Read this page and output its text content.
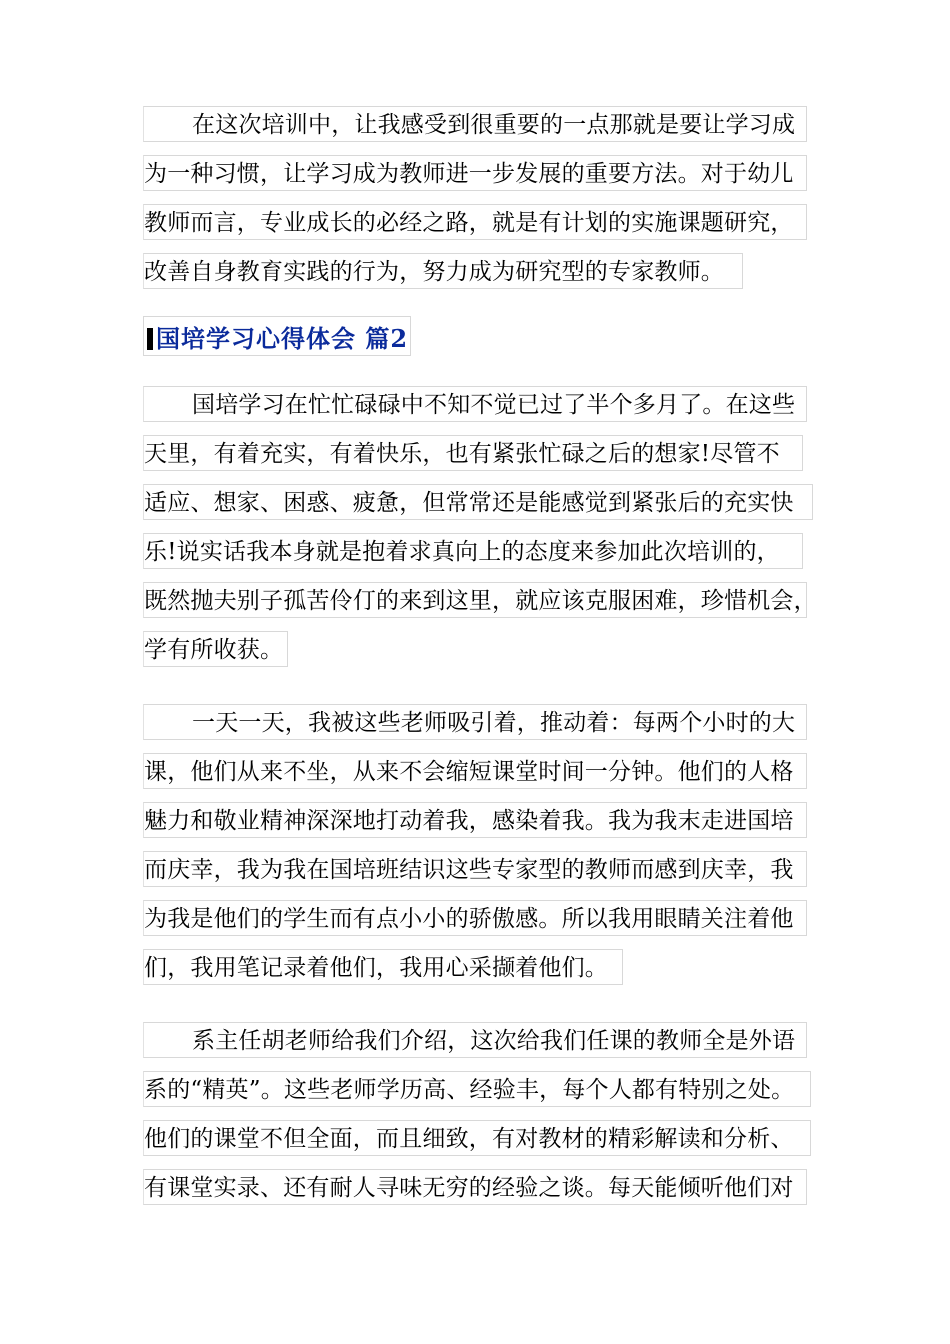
在这次培训中，让我感受到很重要的一点那就是要让学习成
为一种习惯，让学习成为教师进一步发展的重要方法。对于幼儿
教师而言，专业成长的必经之路，就是有计划的实施课题研究，
改善自身教育实践的行为，努力成为研究型的专家教师。
国培学习心得体会 篇2
国培学习在忙忙碌碌中不知不觉已过了半个多月了。在这些
天里，有着充实，有着快乐，也有紧张忙碌之后的想家!尽管不
适应、想家、困惑、疲惫，但常常还是能感觉到紧张后的充实快
乐!说实话我本身就是抱着求真向上的态度来参加此次培训的，
既然抛夫别子孤苦伶仃的来到这里，就应该克服困难，珍惜机会，
学有所收获。
一天一天，我被这些老师吸引着，推动着：每两个小时的大
课，他们从来不坐，从来不会缩短课堂时间一分钟。他们的人格
魅力和敬业精神深深地打动着我，感染着我。我为我末走进国培
而庆幸，我为我在国培班结识这些专家型的教师而感到庆幸，我
为我是他们的学生而有点小小的骄傲感。所以我用眼睛关注着他
们，我用笔记录着他们，我用心采撷着他们。
系主任胡老师给我们介绍，这次给我们任课的教师全是外语
系的“精英”。这些老师学历高、经验丰，每个人都有特别之处。
他们的课堂不但全面，而且细致，有对教材的精彩解读和分析、
有课堂实录、还有耐人寻味无穷的经验之谈。每天能倾听他们对
